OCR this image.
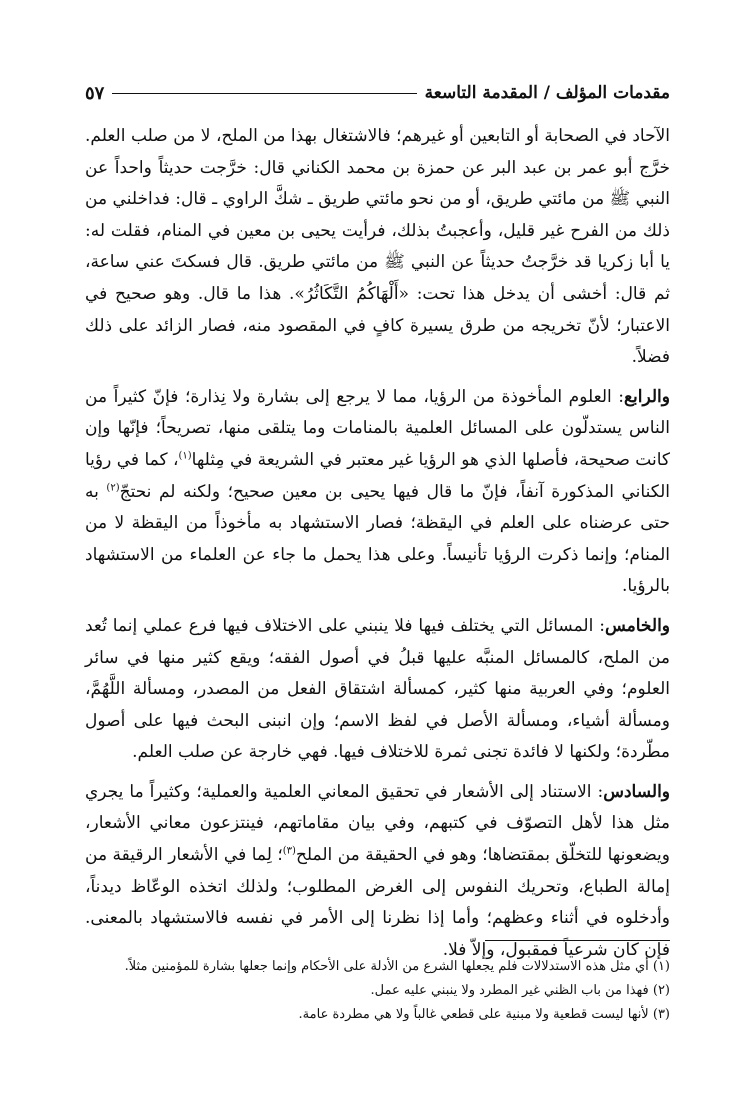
مقدمات المؤلف / المقدمة التاسعة
٥٧

الآحاد في الصحابة أو التابعين أو غيرهم؛ فالاشتغال بهذا من الملح، لا من صلب العلم. خرَّج أبو عمر بن عبد البر عن حمزة بن محمد الكناني قال: خرَّجت حديثاً واحداً عن النبي ﷺ من مائتي طريق، أو من نحو مائتي طريق ـ شكَّ الراوي ـ قال: فداخلني من ذلك من الفرح غير قليل، وأعجبتُ بذلك، فرأيت يحيى بن معين في المنام، فقلت له: يا أبا زكريا قد خرَّجتُ حديثاً عن النبي ﷺ من مائتي طريق. قال فسكتَ عني ساعة، ثم قال: أخشى أن يدخل هذا تحت: «أَلْهَاكُمُ التَّكَاثُرُ». هذا ما قال. وهو صحيح في الاعتبار؛ لأنّ تخريجه من طرق يسيرة كافٍ في المقصود منه، فصار الزائد على ذلك فضلاً.

والرابع: العلوم المأخوذة من الرؤيا، مما لا يرجع إلى بشارة ولا نِذارة؛ فإنّ كثيراً من الناس يستدلّون على المسائل العلمية بالمنامات وما يتلقى منها، تصريحاً؛ فإنّها وإن كانت صحيحة، فأصلها الذي هو الرؤيا غير معتبر في الشريعة في مِثلها$^{(١)}$، كما في رؤيا الكناني المذكورة آنفاً، فإنّ ما قال فيها يحيى بن معين صحيح؛ ولكنه لم نحتجّ$^{(٢)}$ به حتى عرضناه على العلم في اليقظة؛ فصار الاستشهاد به مأخوذاً من اليقظة لا من المنام؛ وإنما ذكرت الرؤيا تأنيساً. وعلى هذا يحمل ما جاء عن العلماء من الاستشهاد بالرؤيا.

والخامس: المسائل التي يختلف فيها فلا ينبني على الاختلاف فيها فرع عملي إنما تُعد من الملح، كالمسائل المنبَّه عليها قبلُ في أصول الفقه؛ ويقع كثير منها في سائر العلوم؛ وفي العربية منها كثير، كمسألة اشتقاق الفعل من المصدر، ومسألة اللَّهُمَّ، ومسألة أشياء، ومسألة الأصل في لفظ الاسم؛ وإن انبنى البحث فيها على أصول مطّردة؛ ولكنها لا فائدة تجنى ثمرة للاختلاف فيها. فهي خارجة عن صلب العلم.

والسادس: الاستناد إلى الأشعار في تحقيق المعاني العلمية والعملية؛ وكثيراً ما يجري مثل هذا لأهل التصوّف في كتبهم، وفي بيان مقاماتهم، فينتزعون معاني الأشعار، ويضعونها للتخلّق بمقتضاها؛ وهو في الحقيقة من الملح$^{(٣)}$؛ لِما في الأشعار الرقيقة من إمالة الطباع، وتحريك النفوس إلى الغرض المطلوب؛ ولذلك اتخذه الوعّاظ ديدناً، وأدخلوه في أثناء وعظهم؛ وأما إذا نظرنا إلى الأمر في نفسه فالاستشهاد بالمعنى. فإن كان شرعياً فمقبول، وإلاّ فلا.

(١) أي مثل هذه الاستدلالات فلم يجعلها الشرع من الأدلة على الأحكام وإنما جعلها بشارة للمؤمنين مثلاً.

(٢) فهذا من باب الظني غير المطرد ولا ينبني عليه عمل.

(٣) لأنها ليست قطعية ولا مبنية على قطعي غالباً ولا هي مطردة عامة.
